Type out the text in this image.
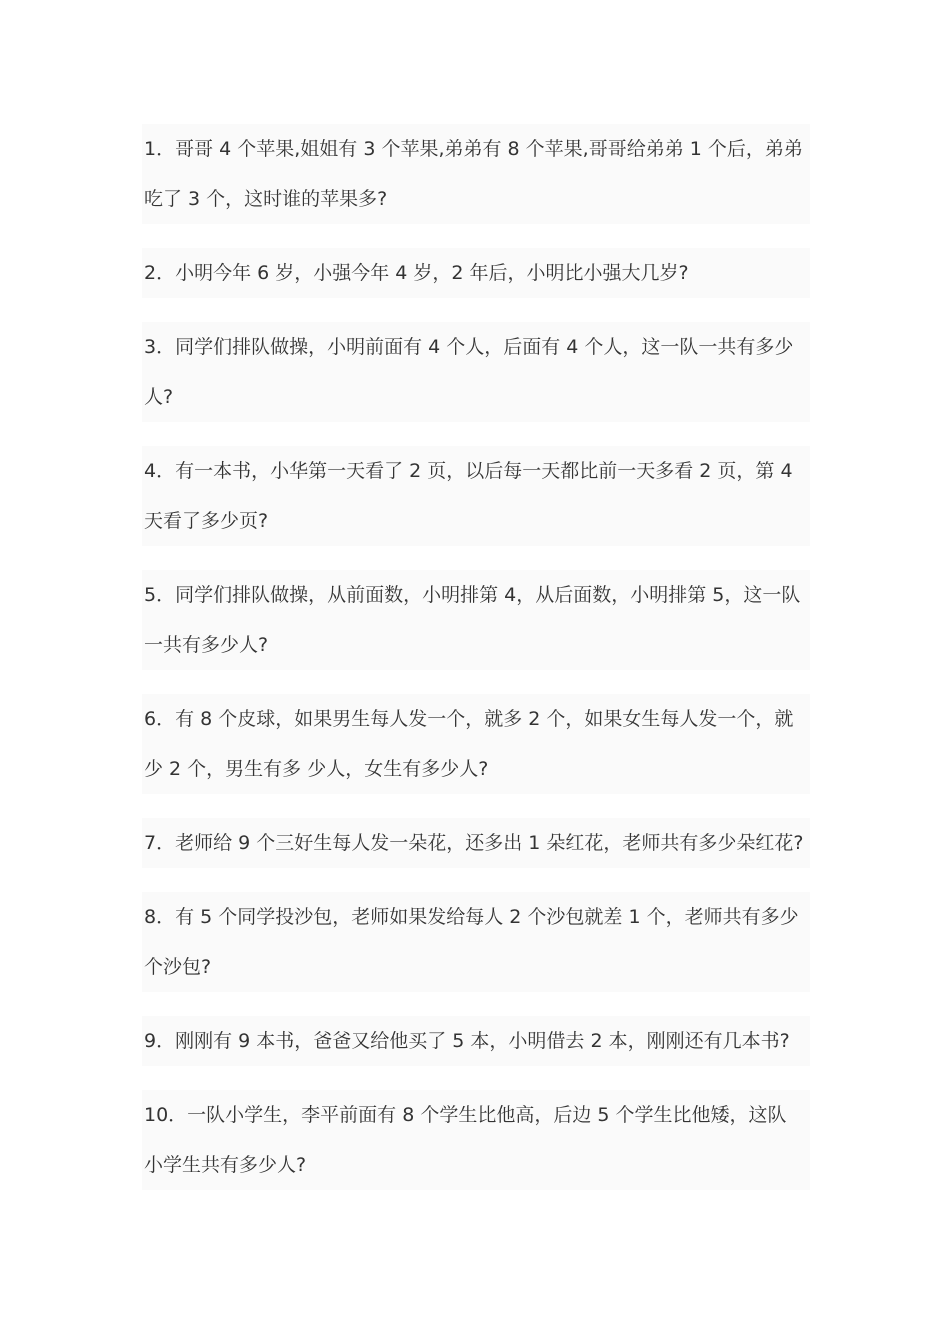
1．哥哥 4 个苹果,姐姐有 3 个苹果,弟弟有 8 个苹果,哥哥给弟弟 1 个后，弟弟
吃了 3 个，这时谁的苹果多?
2．小明今年 6 岁，小强今年 4 岁，2 年后，小明比小强大几岁?
3．同学们排队做操，小明前面有 4 个人，后面有 4 个人，这一队一共有多少
人?
4．有一本书，小华第一天看了 2 页，以后每一天都比前一天多看 2 页，第 4
天看了多少页?
5．同学们排队做操，从前面数，小明排第 4，从后面数，小明排第 5，这一队
一共有多少人?
6．有 8 个皮球，如果男生每人发一个，就多 2 个，如果女生每人发一个，就
少 2 个，男生有多 少人，女生有多少人?
7．老师给 9 个三好生每人发一朵花，还多出 1 朵红花，老师共有多少朵红花?
8．有 5 个同学投沙包，老师如果发给每人 2 个沙包就差 1 个，老师共有多少
个沙包?
9．刚刚有 9 本书，爸爸又给他买了 5 本，小明借去 2 本，刚刚还有几本书?
10．一队小学生，李平前面有 8 个学生比他高，后边 5 个学生比他矮，这队
小学生共有多少人?
